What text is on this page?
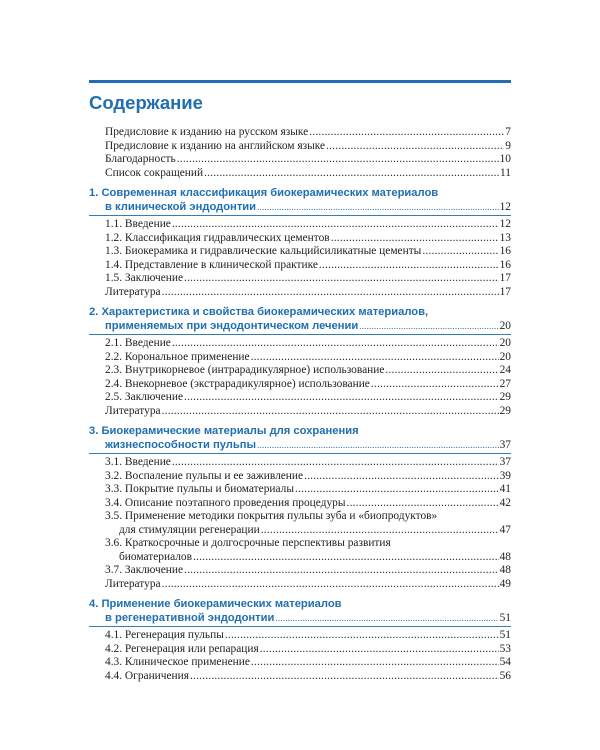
Содержание
Предисловие к изданию на русском языке .....	7
Предисловие к изданию на английском языке .....	9
Благодарность .....	10
Список сокращений .....	11
1. Современная классификация биокерамических материалов
в клинической эндодонтии .....	12
1.1. Введение .....	12
1.2. Классификация гидравлических цементов .....	13
1.3. Биокерамика и гидравлические кальцийсиликатные цементы .....	16
1.4. Представление в клинической практике .....	16
1.5. Заключение .....	17
Литература .....	17
2. Характеристика и свойства биокерамических материалов,
применяемых при эндодонтическом лечении .....	20
2.1. Введение .....	20
2.2. Корональное применение .....	20
2.3. Внутрикорневое (интрарадикулярное) использование .....	24
2.4. Внекорневое (экстрарадикулярное) использование .....	27
2.5. Заключение .....	29
Литература .....	29
3. Биокерамические материалы для сохранения
жизнеспособности пульпы .....	37
3.1. Введение .....	37
3.2. Воспаление пульпы и ее заживление .....	39
3.3. Покрытие пульпы и биоматериалы .....	41
3.4. Описание поэтапного проведения процедуры .....	42
3.5. Применение методики покрытия пульпы зуба и «биопродуктов»
для стимуляции регенерации .....	47
3.6. Краткосрочные и долгосрочные перспективы развития
биоматериалов .....	48
3.7. Заключение .....	48
Литература .....	49
4. Применение биокерамических материалов
в регенеративной эндодонтии .....	51
4.1. Регенерация пульпы .....	51
4.2. Регенерация или репарация .....	53
4.3. Клиническое применение .....	54
4.4. Ограничения .....	56
